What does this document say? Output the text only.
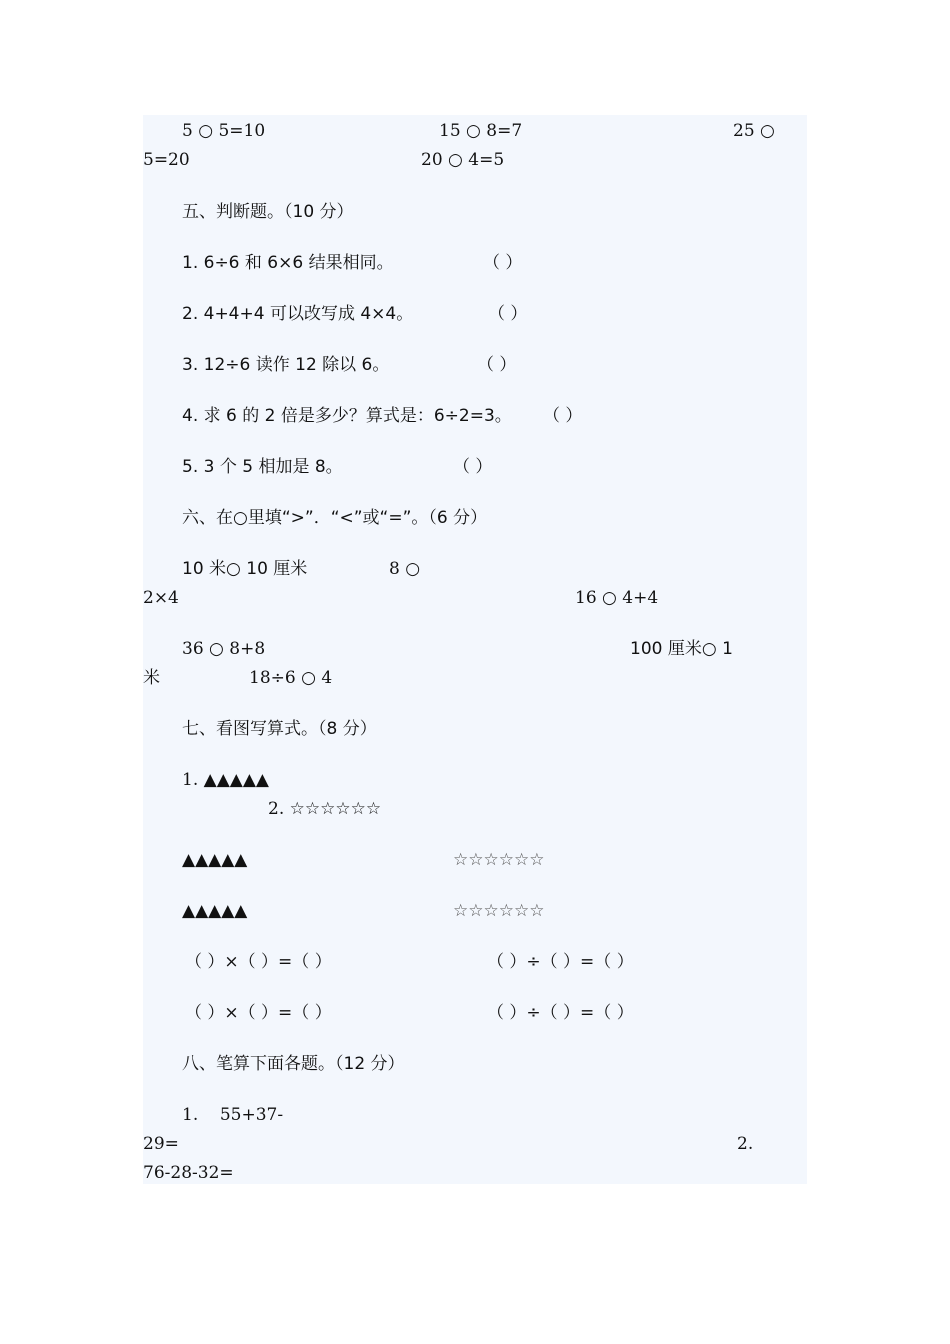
5 ○ 5=10	15 ○ 8=7	25 ○
5=20	20 ○ 4=5
五、判断题。（10 分）
1. 6÷6 和 6×6 结果相同。	（ ）
2. 4+4+4 可以改写成 4×4。	（ ）
3. 12÷6 读作 12 除以 6。	（ ）
4. 求 6 的 2 倍是多少？算式是：6÷2=3。 （ ）
5. 3 个 5 相加是 8。	（ ）
六、在○里填“>”．“<”或“=”。（6 分）
10 米○ 10 厘米	8 ○
2×4	16 ○ 4+4
36 ○ 8+8	100 厘米○ 1
米	18÷6 ○ 4
七、看图写算式。（8 分）
1. ▲▲▲▲▲
2. ☆☆☆☆☆☆
▲▲▲▲▲	☆☆☆☆☆☆
▲▲▲▲▲	☆☆☆☆☆☆
（ ）×（ ）=（ ）	（ ）÷（ ）=（ ）
（ ）×（ ）=（ ）	（ ）÷（ ）=（ ）
八、笔算下面各题。（12 分）
1.    55+37-
29=	2.
76-28-32=
